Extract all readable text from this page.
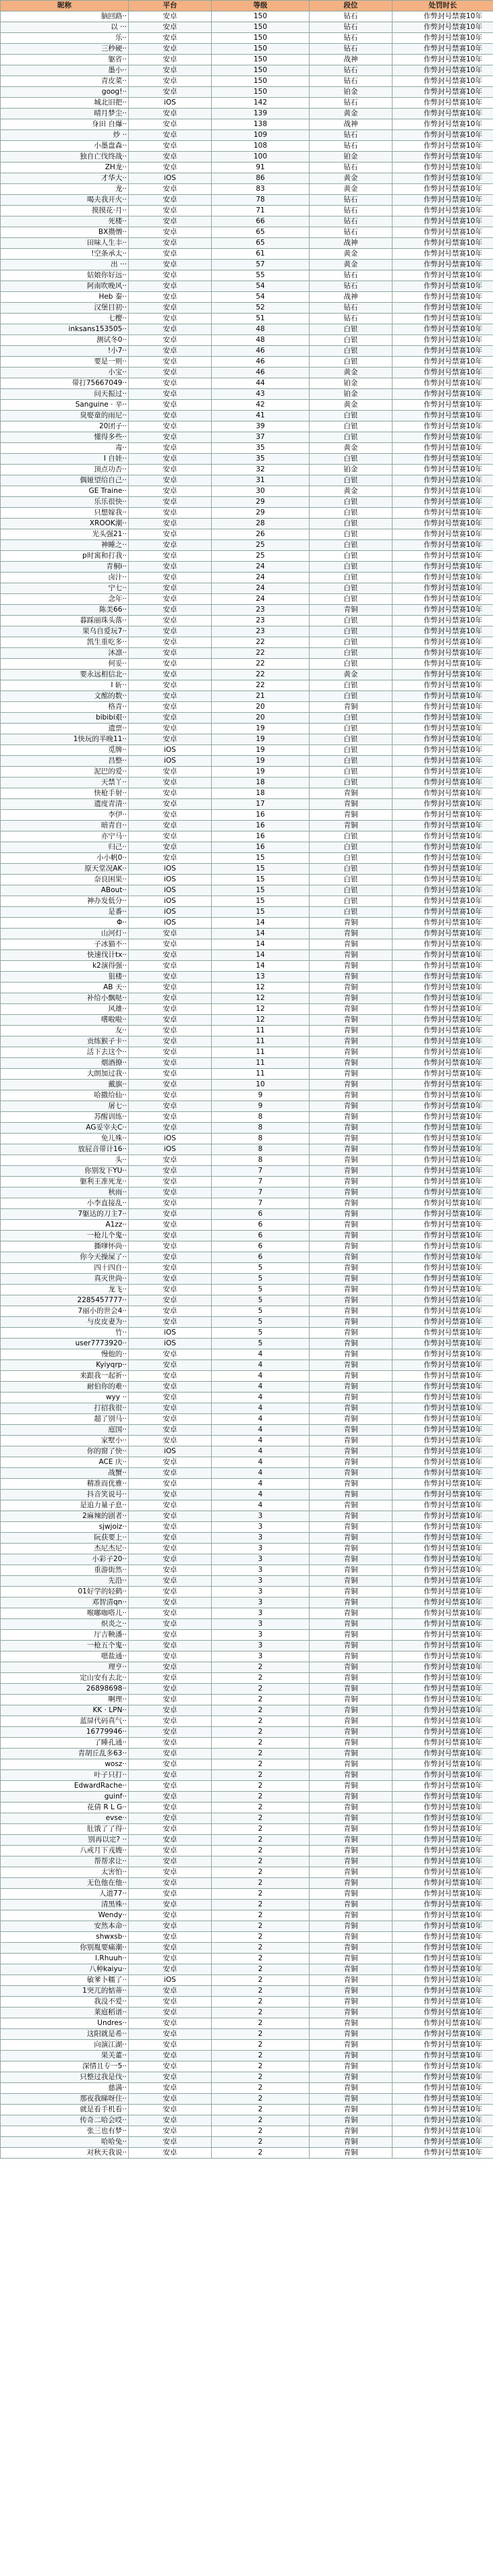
昵称	平台	等级	段位	处罚时长
脑回路··	安卓	150	钻石	作弊封号禁赛10年
以 ···	安卓	150	钻石	作弊封号禁赛10年
乐··	安卓	150	钻石	作弊封号禁赛10年
三秒硬··	安卓	150	钻石	作弊封号禁赛10年
躯省··	安卓	150	战神	作弊封号禁赛10年
墨小··	安卓	150	钻石	作弊封号禁赛10年
青皮菜··	安卓	150	钻石	作弊封号禁赛10年
goog!··	安卓	150	铂金	作弊封号禁赛10年
城北旧把··	iOS	142	钻石	作弊封号禁赛10年
晴月梦尘··	安卓	139	黄金	作弊封号禁赛10年
身田 自爆··	安卓	138	战神	作弊封号禁赛10年
炒 ··	安卓	109	钻石	作弊封号禁赛10年
小墨盘森··	安卓	108	钻石	作弊封号禁赛10年
独自亡伐终战··	安卓	100	铂金	作弊封号禁赛10年
ZH龙··	安卓	91	钻石	作弊封号禁赛10年
才华大··	iOS	86	黄金	作弊封号禁赛10年
龙··	安卓	83	黄金	作弊封号禁赛10年
喝夫我开火··	安卓	78	钻石	作弊封号禁赛10年
摸摸花·月··	安卓	71	钻石	作弊封号禁赛10年
死楼··	安卓	66	钻石	作弊封号禁赛10年
BX攒憎··	安卓	65	钻石	作弊封号禁赛10年
田味人生丰··	安卓	65	战神	作弊封号禁赛10年
!空条承太··	安卓	61	黄金	作弊封号禁赛10年
出 ···	安卓	57	黄金	作弊封号禁赛10年
姑娘你好远··	安卓	55	钻石	作弊封号禁赛10年
阿南吹晚风··	安卓	54	钻石	作弊封号禁赛10年
Heb 秦··	安卓	54	战神	作弊封号禁赛10年
汉堡目初··	安卓	52	钻石	作弊封号禁赛10年
七樱··	安卓	51	钻石	作弊封号禁赛10年
inksans153505··	安卓	48	白银	作弊封号禁赛10年
测试冬0··	安卓	48	白银	作弊封号禁赛10年
!小7··	安卓	46	白银	作弊封号禁赛10年
要是一则··	安卓	46	白银	作弊封号禁赛10年
小宝··	安卓	46	黄金	作弊封号禁赛10年
带打75667049··	安卓	44	铂金	作弊封号禁赛10年
问天振过··	安卓	43	铂金	作弊封号禁赛10年
Sanguine · 辛··	安卓	42	黄金	作弊封号禁赛10年
臭娶童的雨尼··	安卓	41	白银	作弊封号禁赛10年
20团子··	安卓	39	白银	作弊封号禁赛10年
懂得多些··	安卓	37	白银	作弊封号禁赛10年
毒··	安卓	35	黄金	作弊封号禁赛10年
I 自娃··	安卓	35	白银	作弊封号禁赛10年
顶点功否··	安卓	32	铂金	作弊封号禁赛10年
偶娅望给自己··	安卓	31	白银	作弊封号禁赛10年
GE Traine··	安卓	30	黄金	作弊封号禁赛10年
乐乐很快··	安卓	29	白银	作弊封号禁赛10年
只想嫁我··	安卓	29	白银	作弊封号禁赛10年
XROOK潮··	安卓	28	白银	作弊封号禁赛10年
光头强21··	安卓	26	白银	作弊封号禁赛10年
神睡之··	安卓	25	白银	作弊封号禁赛10年
p时寓和打我··	安卓	25	白银	作弊封号禁赛10年
青桐i··	安卓	24	白银	作弊封号禁赛10年
卤汁··	安卓	24	白银	作弊封号禁赛10年
宁七··	安卓	24	白银	作弊封号禁赛10年
念年··	安卓	24	白银	作弊封号禁赛10年
陈美66··	安卓	23	青铜	作弊封号禁赛10年
暮踩丽珠头落··	安卓	23	白银	作弊封号禁赛10年
果乌自爱玩7··	安卓	23	白银	作弊封号禁赛10年
凯生重吃多··	安卓	22	白银	作弊封号禁赛10年
沐凛··	安卓	22	白银	作弊封号禁赛10年
何妥··	安卓	22	白银	作弊封号禁赛10年
要永远相信北··	安卓	22	黄金	作弊封号禁赛10年
I 斩··	安卓	22	白银	作弊封号禁赛10年
文酩的数··	安卓	21	白银	作弊封号禁赛10年
格青··	安卓	20	青铜	作弊封号禁赛10年
bibibi艰··	安卓	20	白银	作弊封号禁赛10年
遗票··	安卓	19	白银	作弊封号禁赛10年
1快玩的半晚11··	安卓	19	白银	作弊封号禁赛10年
觅牌··	iOS	19	白银	作弊封号禁赛10年
昌整··	iOS	19	白银	作弊封号禁赛10年
泥巴的爱··	安卓	19	白银	作弊封号禁赛10年
天禁丫··	安卓	18	白银	作弊封号禁赛10年
快枪手射··	安卓	18	青铜	作弊封号禁赛10年
遗度青清··	安卓	17	青铜	作弊封号禁赛10年
李伊··	安卓	16	青铜	作弊封号禁赛10年
暗青自··	安卓	16	青铜	作弊封号禁赛10年
亦宁马··	安卓	16	白银	作弊封号禁赛10年
归己··	安卓	16	白银	作弊封号禁赛10年
小小帆0··	安卓	15	白银	作弊封号禁赛10年
原天堂况AK··	iOS	15	白银	作弊封号禁赛10年
奈良困果··	iOS	15	白银	作弊封号禁赛10年
ABout··	iOS	15	白银	作弊封号禁赛10年
神办发低分··	iOS	15	白银	作弊封号禁赛10年
是番··	iOS	15	白银	作弊封号禁赛10年
Φ··	iOS	14	青铜	作弊封号禁赛10年
山河灯··	安卓	14	青铜	作弊封号禁赛10年
子冰猫不··	安卓	14	青铜	作弊封号禁赛10年
快速伐计tx··	安卓	14	青铜	作弊封号禁赛10年
k2演得强··	安卓	14	青铜	作弊封号禁赛10年
狙楼··	安卓	13	青铜	作弊封号禁赛10年
AB 天··	安卓	12	青铜	作弊封号禁赛10年
补给小飘哒··	安卓	12	青铜	作弊封号禁赛10年
风雄··	安卓	12	青铜	作弊封号禁赛10年
嗜啦啦··	安卓	12	青铜	作弊封号禁赛10年
友··	安卓	11	青铜	作弊封号禁赛10年
贡练猴子卡··	安卓	11	青铜	作弊封号禁赛10年
活下去这个··	安卓	11	青铜	作弊封号禁赛10年
烟酒撩··	安卓	11	青铜	作弊封号禁赛10年
大朗加过我··	安卓	11	青铜	作弊封号禁赛10年
戴旗··	安卓	10	青铜	作弊封号禁赛10年
哈撒给仙··	安卓	9	青铜	作弊封号禁赛10年
屠七··	安卓	9	青铜	作弊封号禁赛10年
苏醒训练··	安卓	8	青铜	作弊封号禁赛10年
AG妥宰夫C··	安卓	8	青铜	作弊封号禁赛10年
免儿殊··	iOS	8	青铜	作弊封号禁赛10年
放屁音带计16··	iOS	8	青铜	作弊封号禁赛10年
头··	安卓	8	青铜	作弊封号禁赛10年
你别发下YU··	安卓	7	青铜	作弊封号禁赛10年
躯利王准死龙··	安卓	7	青铜	作弊封号禁赛10年
秋雨··	安卓	7	青铜	作弊封号禁赛10年
小李直接乱··	安卓	7	青铜	作弊封号禁赛10年
7躯达的刀主7··	安卓	6	青铜	作弊封号禁赛10年
A1zz··	安卓	6	青铜	作弊封号禁赛10年
一枪儿个鬼··	安卓	6	青铜	作弊封号禁赛10年
撕嗲怀尚··	安卓	6	青铜	作弊封号禁赛10年
你今天操屎了··	安卓	6	青铜	作弊封号禁赛10年
四十四自··	安卓	5	青铜	作弊封号禁赛10年
真灭世尚··	安卓	5	青铜	作弊封号禁赛10年
龙飞··	安卓	5	青铜	作弊封号禁赛10年
2285457777··	安卓	5	青铜	作弊封号禁赛10年
7丽小的世会4··	安卓	5	青铜	作弊封号禁赛10年
与皮皮妻为··	安卓	5	青铜	作弊封号禁赛10年
竹··	iOS	5	青铜	作弊封号禁赛10年
user7773920··	iOS	5	青铜	作弊封号禁赛10年
慢他的··	安卓	4	青铜	作弊封号禁赛10年
Kyiyqrp··	安卓	4	青铜	作弊封号禁赛10年
来跟我一起祈··	安卓	4	青铜	作弊封号禁赛10年
耐伯你的难··	安卓	4	青铜	作弊封号禁赛10年
wyy ··	安卓	4	青铜	作弊封号禁赛10年
打招我很··	安卓	4	青铜	作弊封号禁赛10年
超了别马··	安卓	4	青铜	作弊封号禁赛10年
庭国··	安卓	4	青铜	作弊封号禁赛10年
家墅小··	安卓	4	青铜	作弊封号禁赛10年
你的窗了快··	iOS	4	青铜	作弊封号禁赛10年
ACE 庆··	安卓	4	青铜	作弊封号禁赛10年
战蟹··	安卓	4	青铜	作弊封号禁赛10年
精准而优雅··	安卓	4	青铜	作弊封号禁赛10年
抖音笑说号··	安卓	4	青铜	作弊封号禁赛10年
是追力量子息··	安卓	4	青铜	作弊封号禁赛10年
2麻辣的剧者··	安卓	3	青铜	作弊封号禁赛10年
sjwjoiz··	安卓	3	青铜	作弊封号禁赛10年
阮获要上··	安卓	3	青铜	作弊封号禁赛10年
杰尼杰尼··	安卓	3	青铜	作弊封号禁赛10年
小彩子20··	安卓	3	青铜	作弊封号禁赛10年
重游街然··	安卓	3	青铜	作弊封号禁赛10年
先沿··	安卓	3	青铜	作弊封号禁赛10年
01好学的轻鹤··	安卓	3	青铜	作弊封号禁赛10年
邓智清qn··	安卓	3	青铜	作弊封号禁赛10年
喉嘟咖嗒儿··	安卓	3	青铜	作弊封号禁赛10年
炽炎之··	安卓	3	青铜	作弊封号禁赛10年
厅吉鞅潘··	安卓	3	青铜	作弊封号禁赛10年
一枪五个鬼··	安卓	3	青铜	作弊封号禁赛10年
嗯盐通··	安卓	3	青铜	作弊封号禁赛10年
理亨··	安卓	2	青铜	作弊封号禁赛10年
定山安有去北··	安卓	2	青铜	作弊封号禁赛10年
26898698··	安卓	2	青铜	作弊封号禁赛10年
啊理··	安卓	2	青铜	作弊封号禁赛10年
KK · LPN··	安卓	2	青铜	作弊封号禁赛10年
蓝屏代码真气··	安卓	2	青铜	作弊封号禁赛10年
16779946··	安卓	2	青铜	作弊封号禁赛10年
了睡孔通··	安卓	2	青铜	作弊封号禁赛10年
青胡丘乱多63··	安卓	2	青铜	作弊封号禁赛10年
wosz··	安卓	2	青铜	作弊封号禁赛10年
叶子只打··	安卓	2	青铜	作弊封号禁赛10年
EdwardRache··	安卓	2	青铜	作弊封号禁赛10年
guinf··	安卓	2	青铜	作弊封号禁赛10年
花倩 R L G··	安卓	2	青铜	作弊封号禁赛10年
evse··	安卓	2	青铜	作弊封号禁赛10年
肚饿了了得··	安卓	2	青铜	作弊封号禁赛10年
别再以定? ··	安卓	2	青铜	作弊封号禁赛10年
八戒月下戎嫂··	安卓	2	青铜	作弊封号禁赛10年
帮帮求让··	安卓	2	青铜	作弊封号禁赛10年
太害怕··	安卓	2	青铜	作弊封号禁赛10年
无色他在他··	安卓	2	青铜	作弊封号禁赛10年
人道77··	安卓	2	青铜	作弊封号禁赛10年
清黑殊··	安卓	2	青铜	作弊封号禁赛10年
Wendy··	安卓	2	青铜	作弊封号禁赛10年
安然本命··	安卓	2	青铜	作弊封号禁赛10年
shwxsb··	安卓	2	青铜	作弊封号禁赛10年
你别胤要痛潮··	安卓	2	青铜	作弊封号禁赛10年
l.Rhuuh··	安卓	2	青铜	作弊封号禁赛10年
八种kaiyu··	安卓	2	青铜	作弊封号禁赛10年
敏爹卜糯了··	iOS	2	青铜	作弊封号禁赛10年
1突兀的惦蒂··	安卓	2	青铜	作弊封号禁赛10年
我没不爱··	安卓	2	青铜	作弊封号禁赛10年
莱庭稻谱··	安卓	2	青铜	作弊封号禁赛10年
Undres··	安卓	2	青铜	作弊封号禁赛10年
这阳就是希··	安卓	2	青铜	作弊封号禁赛10年
向演江湖··	安卓	2	青铜	作弊封号禁赛10年
果关董··	安卓	2	青铜	作弊封号禁赛10年
深情且专一5··	安卓	2	青铜	作弊封号禁赛10年
只整过我是伐··	安卓	2	青铜	作弊封号禁赛10年
慈满··	安卓	2	青铜	作弊封号禁赛10年
那夜我睇呀住··	安卓	2	青铜	作弊封号禁赛10年
就是看手机看··	安卓	2	青铜	作弊封号禁赛10年
传奇二哈会哎··	安卓	2	青铜	作弊封号禁赛10年
张三也有梦··	安卓	2	青铜	作弊封号禁赛10年
哈哈兔··	安卓	2	青铜	作弊封号禁赛10年
对秋天我说··	安卓	2	青铜	作弊封号禁赛10年
